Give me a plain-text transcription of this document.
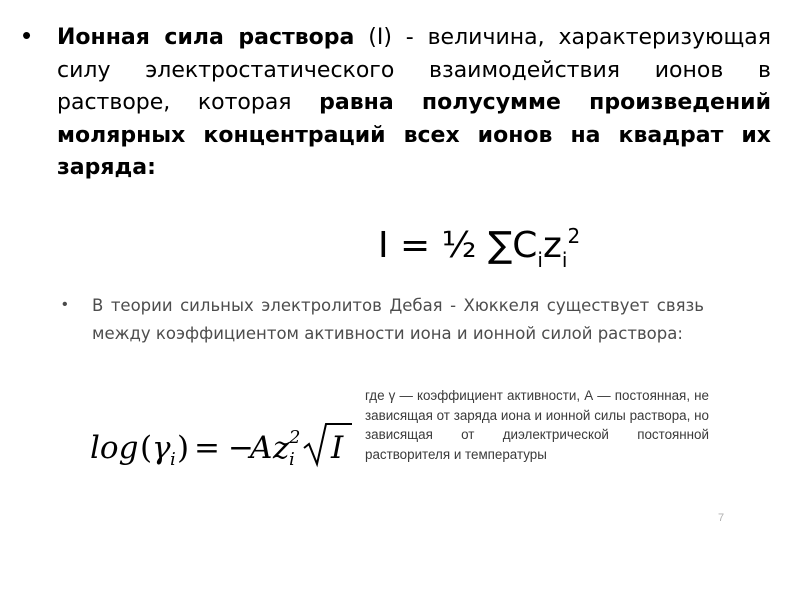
• Ионная сила раствора (I) - величина, характеризующая силу электростатического взаимодействия ионов в растворе, которая равна полусумме произведений молярных концентраций всех ионов на квадрат их заряда:
I = ½ $\sum C_iz_i^2$
• В теории сильных электролитов Дебая - Хюккеля существует связь между коэффициентом активности иона и ионной силой раствора:
log ( γ i ) = −
A z 2
i I
где γ — коэффициент активности, А — постоянная, не зависящая от заряда иона и ионной силы раствора, но зависящая от диэлектрической постоянной растворителя и температуры
7
